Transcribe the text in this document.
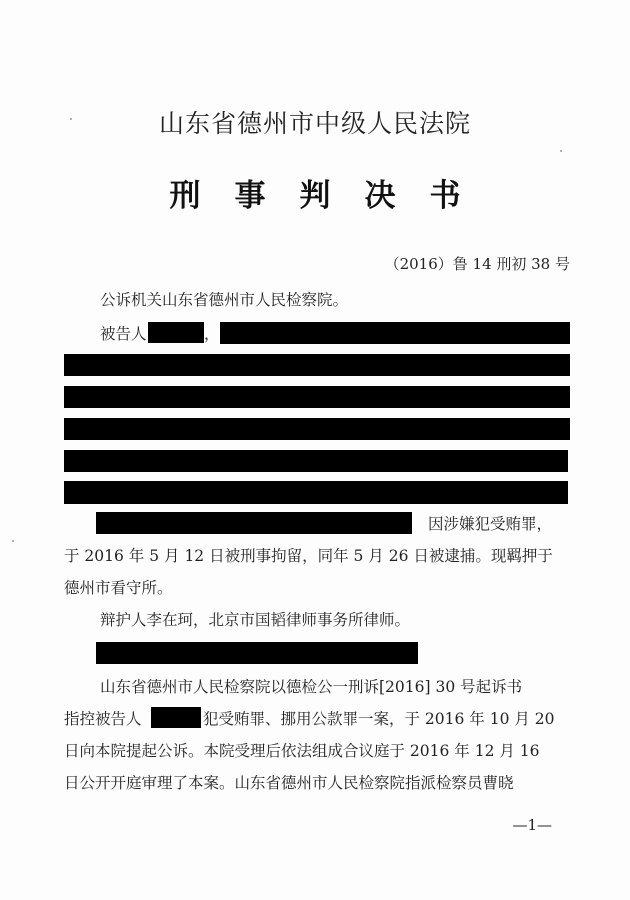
山东省德州市中级人民法院
刑事判决书
（2016）鲁 14 刑初 38 号
公诉机关山东省德州市人民检察院。
被告人	，
因涉嫌犯受贿罪，
于 2016 年 5 月 12 日被刑事拘留，同年 5 月 26 日被逮捕。现羁押于
德州市看守所。
辩护人李在珂，北京市国韬律师事务所律师。
山东省德州市人民检察院以德检公一刑诉[2016] 30 号起诉书
指控被告人	犯受贿罪、挪用公款罪一案，于 2016 年 10 月 20
日向本院提起公诉。本院受理后依法组成合议庭于 2016 年 12 月 16
日公开开庭审理了本案。山东省德州市人民检察院指派检察员曹晓
—1—
